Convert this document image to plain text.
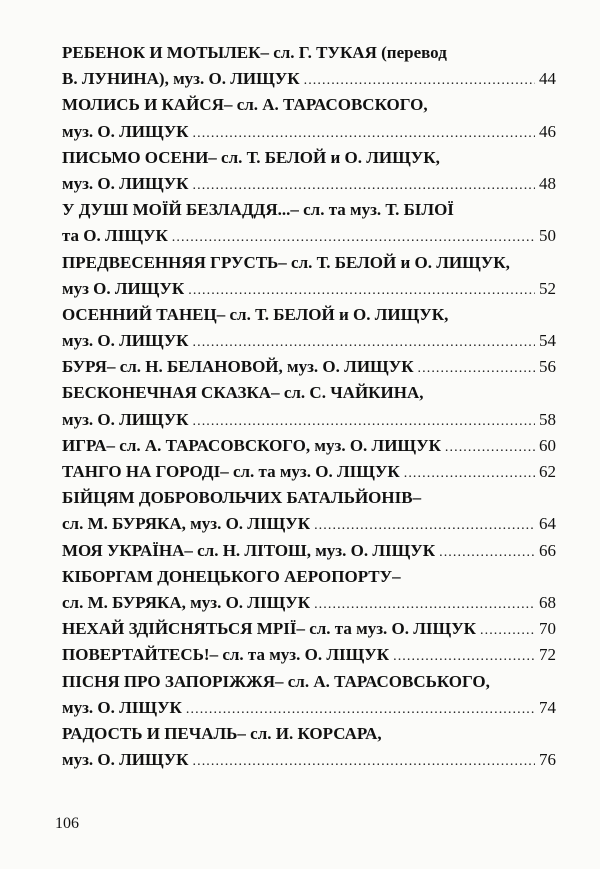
РЕБЕНОК И МОТЫЛЕК – сл. Г. ТУКАЯ (перевод
В. ЛУНИНА), муз. О. ЛИЩУК . . .	44
МОЛИСЬ И КАЙСЯ – сл. А. ТАРАСОВСКОГО,
муз. О. ЛИЩУК . . .	46
ПИСЬМО ОСЕНИ – сл. Т. БЕЛОЙ и О. ЛИЩУК,
муз. О. ЛИЩУК . . .	48
У ДУШІ МОЇЙ БЕЗЛАДДЯ... – сл. та муз. Т. БІЛОЇ
та О. ЛІЩУК . . .	50
ПРЕДВЕСЕННЯЯ ГРУСТЬ – сл. Т. БЕЛОЙ и О. ЛИЩУК,
муз О. ЛИЩУК . . .	52
ОСЕННИЙ ТАНЕЦ – сл. Т. БЕЛОЙ и О. ЛИЩУК,
муз. О. ЛИЩУК . . .	54
БУРЯ – сл. Н. БЕЛАНОВОЙ, муз. О. ЛИЩУК . . .	56
БЕСКОНЕЧНАЯ СКАЗКА – сл. С. ЧАЙКИНА,
муз. О. ЛИЩУК . . .	58
ИГРА – сл. А. ТАРАСОВСКОГО, муз. О. ЛИЩУК . . .	60
ТАНГО НА ГОРОДІ – сл. та муз. О. ЛІЩУК . . .	62
БІЙЦЯМ ДОБРОВОЛЬЧИХ БАТАЛЬЙОНІВ –
сл. М. БУРЯКА, муз. О. ЛІЩУК . . .	64
МОЯ УКРАЇНА – сл. Н. ЛІТОШ, муз. О. ЛІЩУК . . .	66
КІБОРГАМ ДОНЕЦЬКОГО АЕРОПОРТУ –
сл. М. БУРЯКА, муз. О. ЛІЩУК . . .	68
НЕХАЙ ЗДІЙСНЯТЬСЯ МРІЇ – сл. та муз. О. ЛІЩУК . . .	70
ПОВЕРТАЙТЕСЬ! – сл. та муз. О. ЛІЩУК . . .	72
ПІСНЯ ПРО ЗАПОРІЖЖЯ – сл. А. ТАРАСОВСЬКОГО,
муз. О. ЛІЩУК . . .	74
РАДОСТЬ И ПЕЧАЛЬ – сл. И. КОРСАРА,
муз. О. ЛИЩУК . . .	76
106
